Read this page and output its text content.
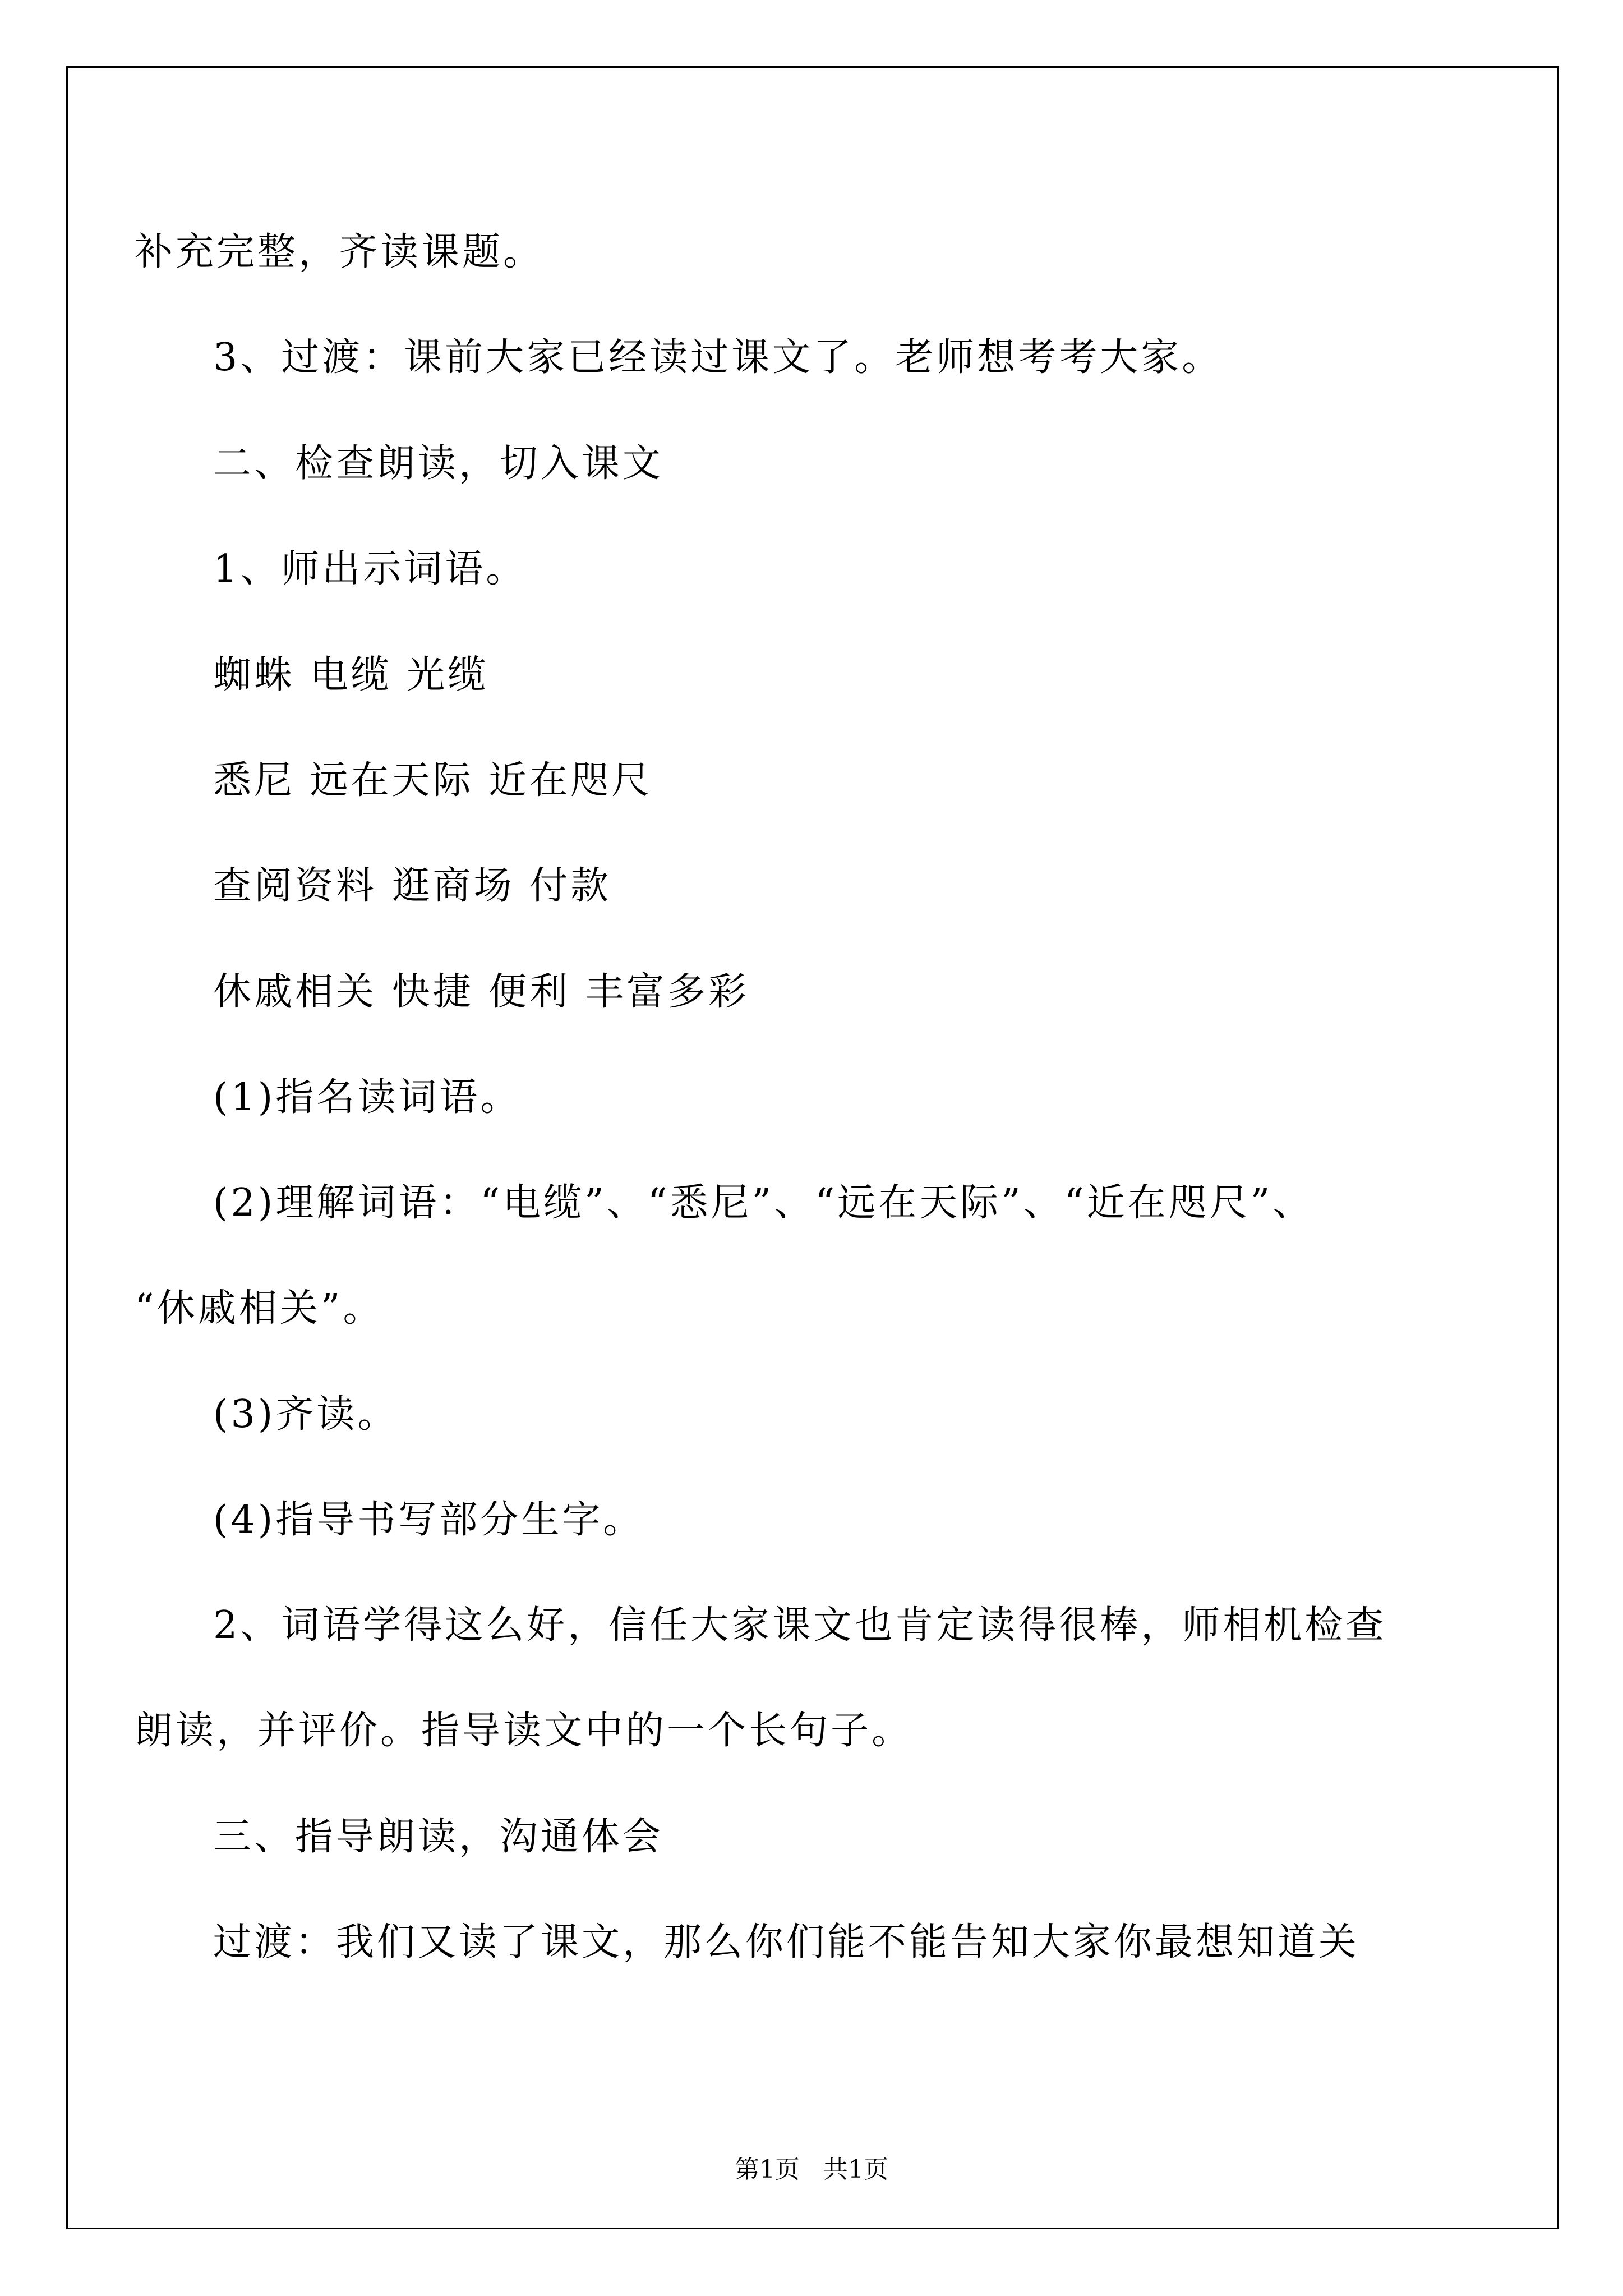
补充完整，齐读课题。
3、过渡：课前大家已经读过课文了。老师想考考大家。
二、检查朗读，切入课文
1、师出示词语。
蜘蛛 电缆 光缆
悉尼 远在天际 近在咫尺
查阅资料 逛商场 付款
休戚相关 快捷 便利 丰富多彩
(1)指名读词语。
(2)理解词语：“电缆”、“悉尼”、“远在天际”、“近在咫尺”、
“休戚相关”。
(3)齐读。
(4)指导书写部分生字。
2、词语学得这么好，信任大家课文也肯定读得很棒，师相机检查
朗读，并评价。指导读文中的一个长句子。
三、指导朗读，沟通体会
过渡：我们又读了课文，那么你们能不能告知大家你最想知道关
第1页   共1页
